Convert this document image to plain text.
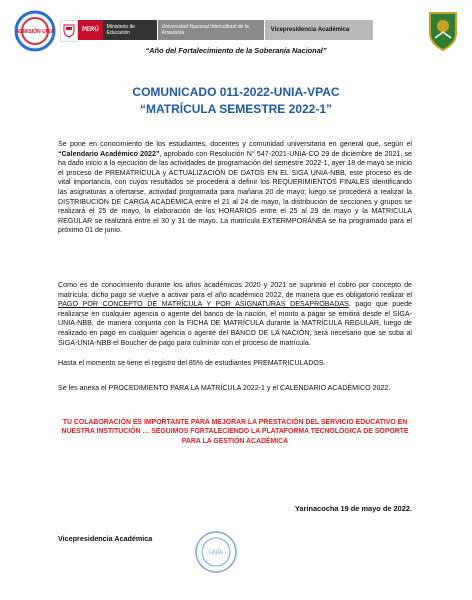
ADMISIÓN UNIA	PERÚ	Ministerio de Educación
Universidad Nacional Intercultural de la Amazonía	Vicepresidencia Académica
“Año del Fortalecimiento de la Soberanía Nacional”
COMUNICADO 011-2022-UNIA-VPAC
“MATRÍCULA SEMESTRE 2022-1”

Se pone en conocimiento de los estudiantes, docentes y comunidad universitaria en general que, según el “Calendario Académico 2022”, aprobado con Resolución N° 547-2021-UNIA-CO 29 de diciembre de 2021, se ha dado inicio a la ejecución de las actividades de programación del semestre 2022-1, ayer 18 de mayo se inició el proceso de PREMATRÍCULA y ACTUALIZACIÓN DE DATOS EN EL SIGA UNIA-NBB, este proceso es de vital importancia, con cuyos resultados se procederá a definir los REQUERIMIENTOS FINALES identificando las asignaturas a ofertarse, actividad programada para mañana 20 de mayo; luego se procederá a realizar la DISTRIBUCION DE CARGA ACADÉMICA entre el 21 al 24 de mayo, la distribución de secciones y grupos se realizará el 25 de mayo, la elaboración de los HORARIOS entre el 25 al 29 de mayo y la MATRICULA REGULAR se realizará entre el 30 y 31 de mayo. La matrícula EXTERMPORÁNEA se ha programado para el próximo 01 de junio.

Como es de conocimiento durante los años académicos 2020 y 2021 se suprimió el cobro por concepto de matrícula, dicho pago se vuelve a activar para el año académico 2022, de manera que es obligatorio realizar el PAGO POR CONCEPTO DE MATRÍCULA Y POR ASIGNATURAS DESAPROBADAS, pago que puede realizarse en cualquier agencia o agente del banco de la nación, el monto a pagar se emitirá desde el SIGA-UNIA-NBB, de manera conjunta con la FICHA DE MATRÍCULA durante la MATRÍCULA REGULAR, luego de realizado en pago en cualquier agencia o agente del BANCO DE LA NACIÓN, será necesario que se suba al SIGA-UNIA-NBB el Boucher de pago para culminar con el proceso de matrícula.

Hasta el momento se tiene el registro del 85% de estudiantes PREMATRICULADOS.

Se les anexa el PROCEDIMIENTO PARA LA MATRÍCULA 2022-1 y el CALENDARIO ACADÉMICO 2022.

TU COLABORACIÓN ES IMPORTANTE PARA MEJORAR LA PRESTACIÓN DEL SERVICIO EDUCATIVO EN NUESTRA INSTITUCIÓN … SEGUIMOS FORTALECIENDO LA PLATAFORMA TECNOLÓGICA DE SOPORTE PARA LA GESTIÓN ACADÉMICA
Yarinacocha 19 de mayo de 2022.
Vicepresidencia Académica
UNIA
